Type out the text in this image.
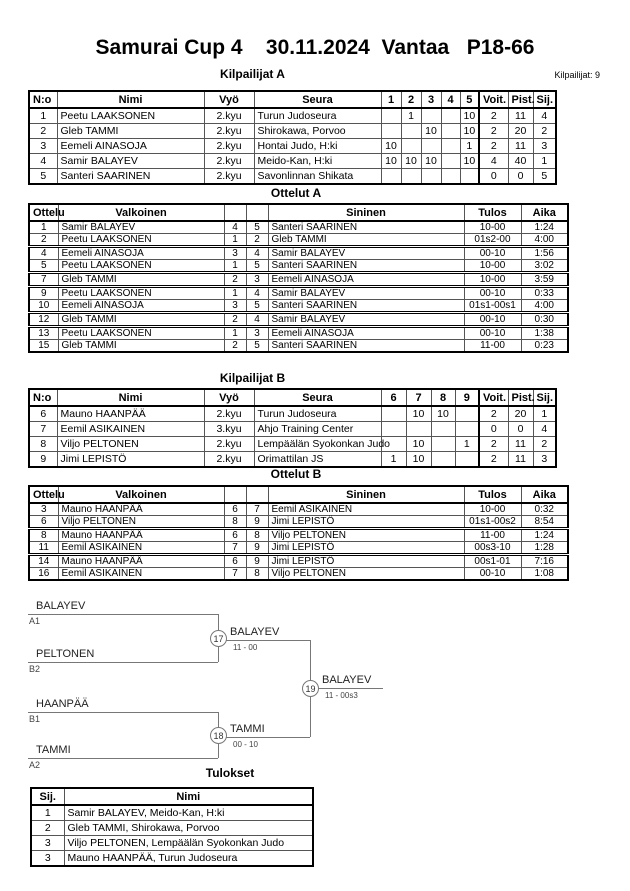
Samurai Cup 4    30.11.2024  Vantaa   P18-66
Kilpailijat A	Kilpailijat: 9
N:o	Nimi	Vyö	Seura	1	2	3	4	5	Voit.	Pist.	Sij.
1	Peetu LAAKSONEN	2.kyu	Turun Judoseura		1			10	2	11	4
2	Gleb TAMMI	2.kyu	Shirokawa, Porvoo			10		10	2	20	2
3	Eemeli AINASOJA	2.kyu	Hontai Judo, H:ki	10				1	2	11	3
4	Samir BALAYEV	2.kyu	Meido-Kan, H:ki	10	10	10		10	4	40	1
5	Santeri SAARINEN	2.kyu	Savonlinnan Shikata						0	0	5
Ottelut A
Ottelu	Valkoinen			Sininen	Tulos	Aika
1	Samir BALAYEV	4	5	Santeri SAARINEN	10-00	1:24
2	Peetu LAAKSONEN	1	2	Gleb TAMMI	01s2-00	4:00
4	Eemeli AINASOJA	3	4	Samir BALAYEV	00-10	1:56
5	Peetu LAAKSONEN	1	5	Santeri SAARINEN	10-00	3:02
7	Gleb TAMMI	2	3	Eemeli AINASOJA	10-00	3:59
9	Peetu LAAKSONEN	1	4	Samir BALAYEV	00-10	0:33
10	Eemeli AINASOJA	3	5	Santeri SAARINEN	01s1-00s1	4:00
12	Gleb TAMMI	2	4	Samir BALAYEV	00-10	0:30
13	Peetu LAAKSONEN	1	3	Eemeli AINASOJA	00-10	1:38
15	Gleb TAMMI	2	5	Santeri SAARINEN	11-00	0:23
Kilpailijat B
N:o	Nimi	Vyö	Seura	6	7	8	9	Voit.	Pist.	Sij.
6	Mauno HAANPÄÄ	2.kyu	Turun Judoseura		10	10		2	20	1
7	Eemil ASIKAINEN	3.kyu	Ahjo Training Center					0	0	4
8	Viljo PELTONEN	2.kyu	Lempäälän Syokonkan Judo		10		1	2	11	2
9	Jimi LEPISTÖ	2.kyu	Orimattilan JS	1	10			2	11	3
Ottelut B
Ottelu	Valkoinen			Sininen	Tulos	Aika
3	Mauno HAANPÄÄ	6	7	Eemil ASIKAINEN	10-00	0:32
6	Viljo PELTONEN	8	9	Jimi LEPISTÖ	01s1-00s2	8:54
8	Mauno HAANPÄÄ	6	8	Viljo PELTONEN	11-00	1:24
11	Eemil ASIKAINEN	7	9	Jimi LEPISTÖ	00s3-10	1:28
14	Mauno HAANPÄÄ	6	9	Jimi LEPISTÖ	00s1-01	7:16
16	Eemil ASIKAINEN	7	8	Viljo PELTONEN	00-10	1:08
BALAYEV
A1
PELTONEN
B2
BALAYEV
11 - 00
17
HAANPÄÄ
B1
TAMMI
A2
TAMMI
00 - 10
18
BALAYEV
11 - 00s3
19
Tulokset
Sij.	Nimi
1	Samir BALAYEV, Meido-Kan, H:ki
2	Gleb TAMMI, Shirokawa, Porvoo
3	Viljo PELTONEN, Lempäälän Syokonkan Judo
3	Mauno HAANPÄÄ, Turun Judoseura
